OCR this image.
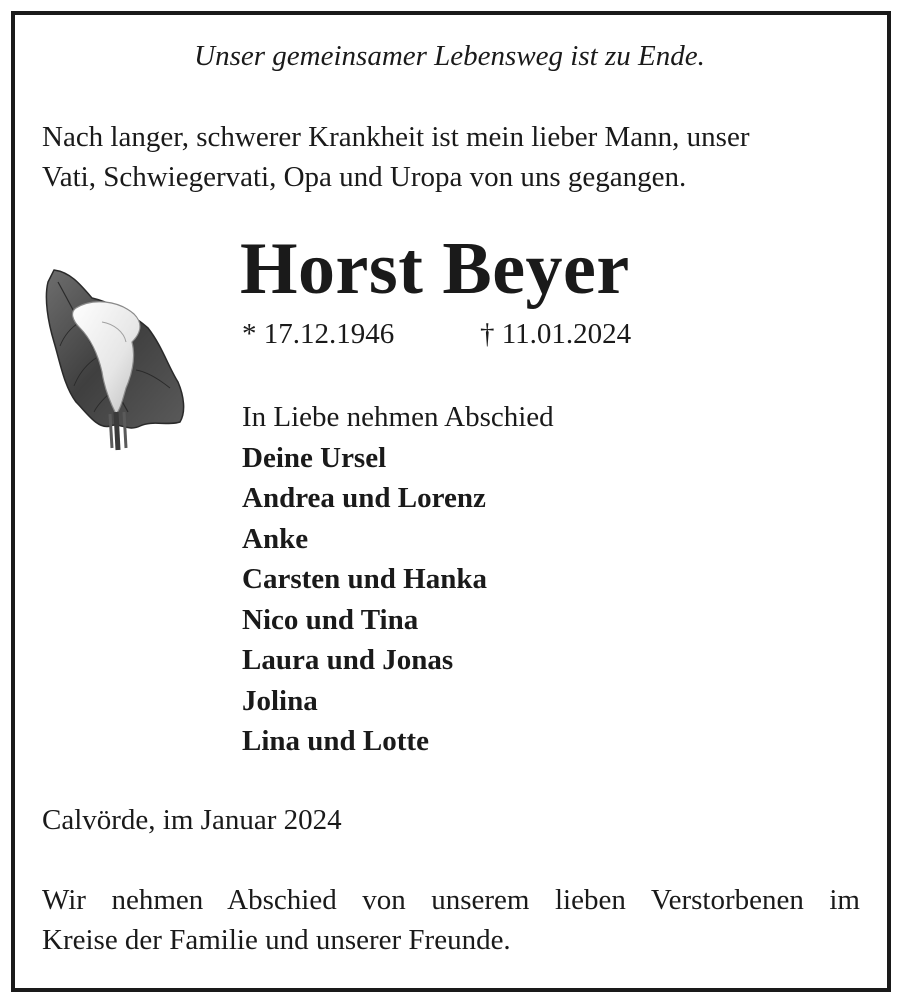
Unser gemeinsamer Lebensweg ist zu Ende.
Nach langer, schwerer Krankheit ist mein lieber Mann, unser
Vati, Schwiegervati, Opa und Uropa von uns gegangen.
Horst Beyer
* 17.12.1946	† 11.01.2024
In Liebe nehmen Abschied
Deine Ursel
Andrea und Lorenz
Anke
Carsten und Hanka
Nico und Tina
Laura und Jonas
Jolina
Lina und Lotte
Calvörde, im Januar 2024
Wir nehmen Abschied von unserem lieben Verstorbenen im
Kreise der Familie und unserer Freunde.
